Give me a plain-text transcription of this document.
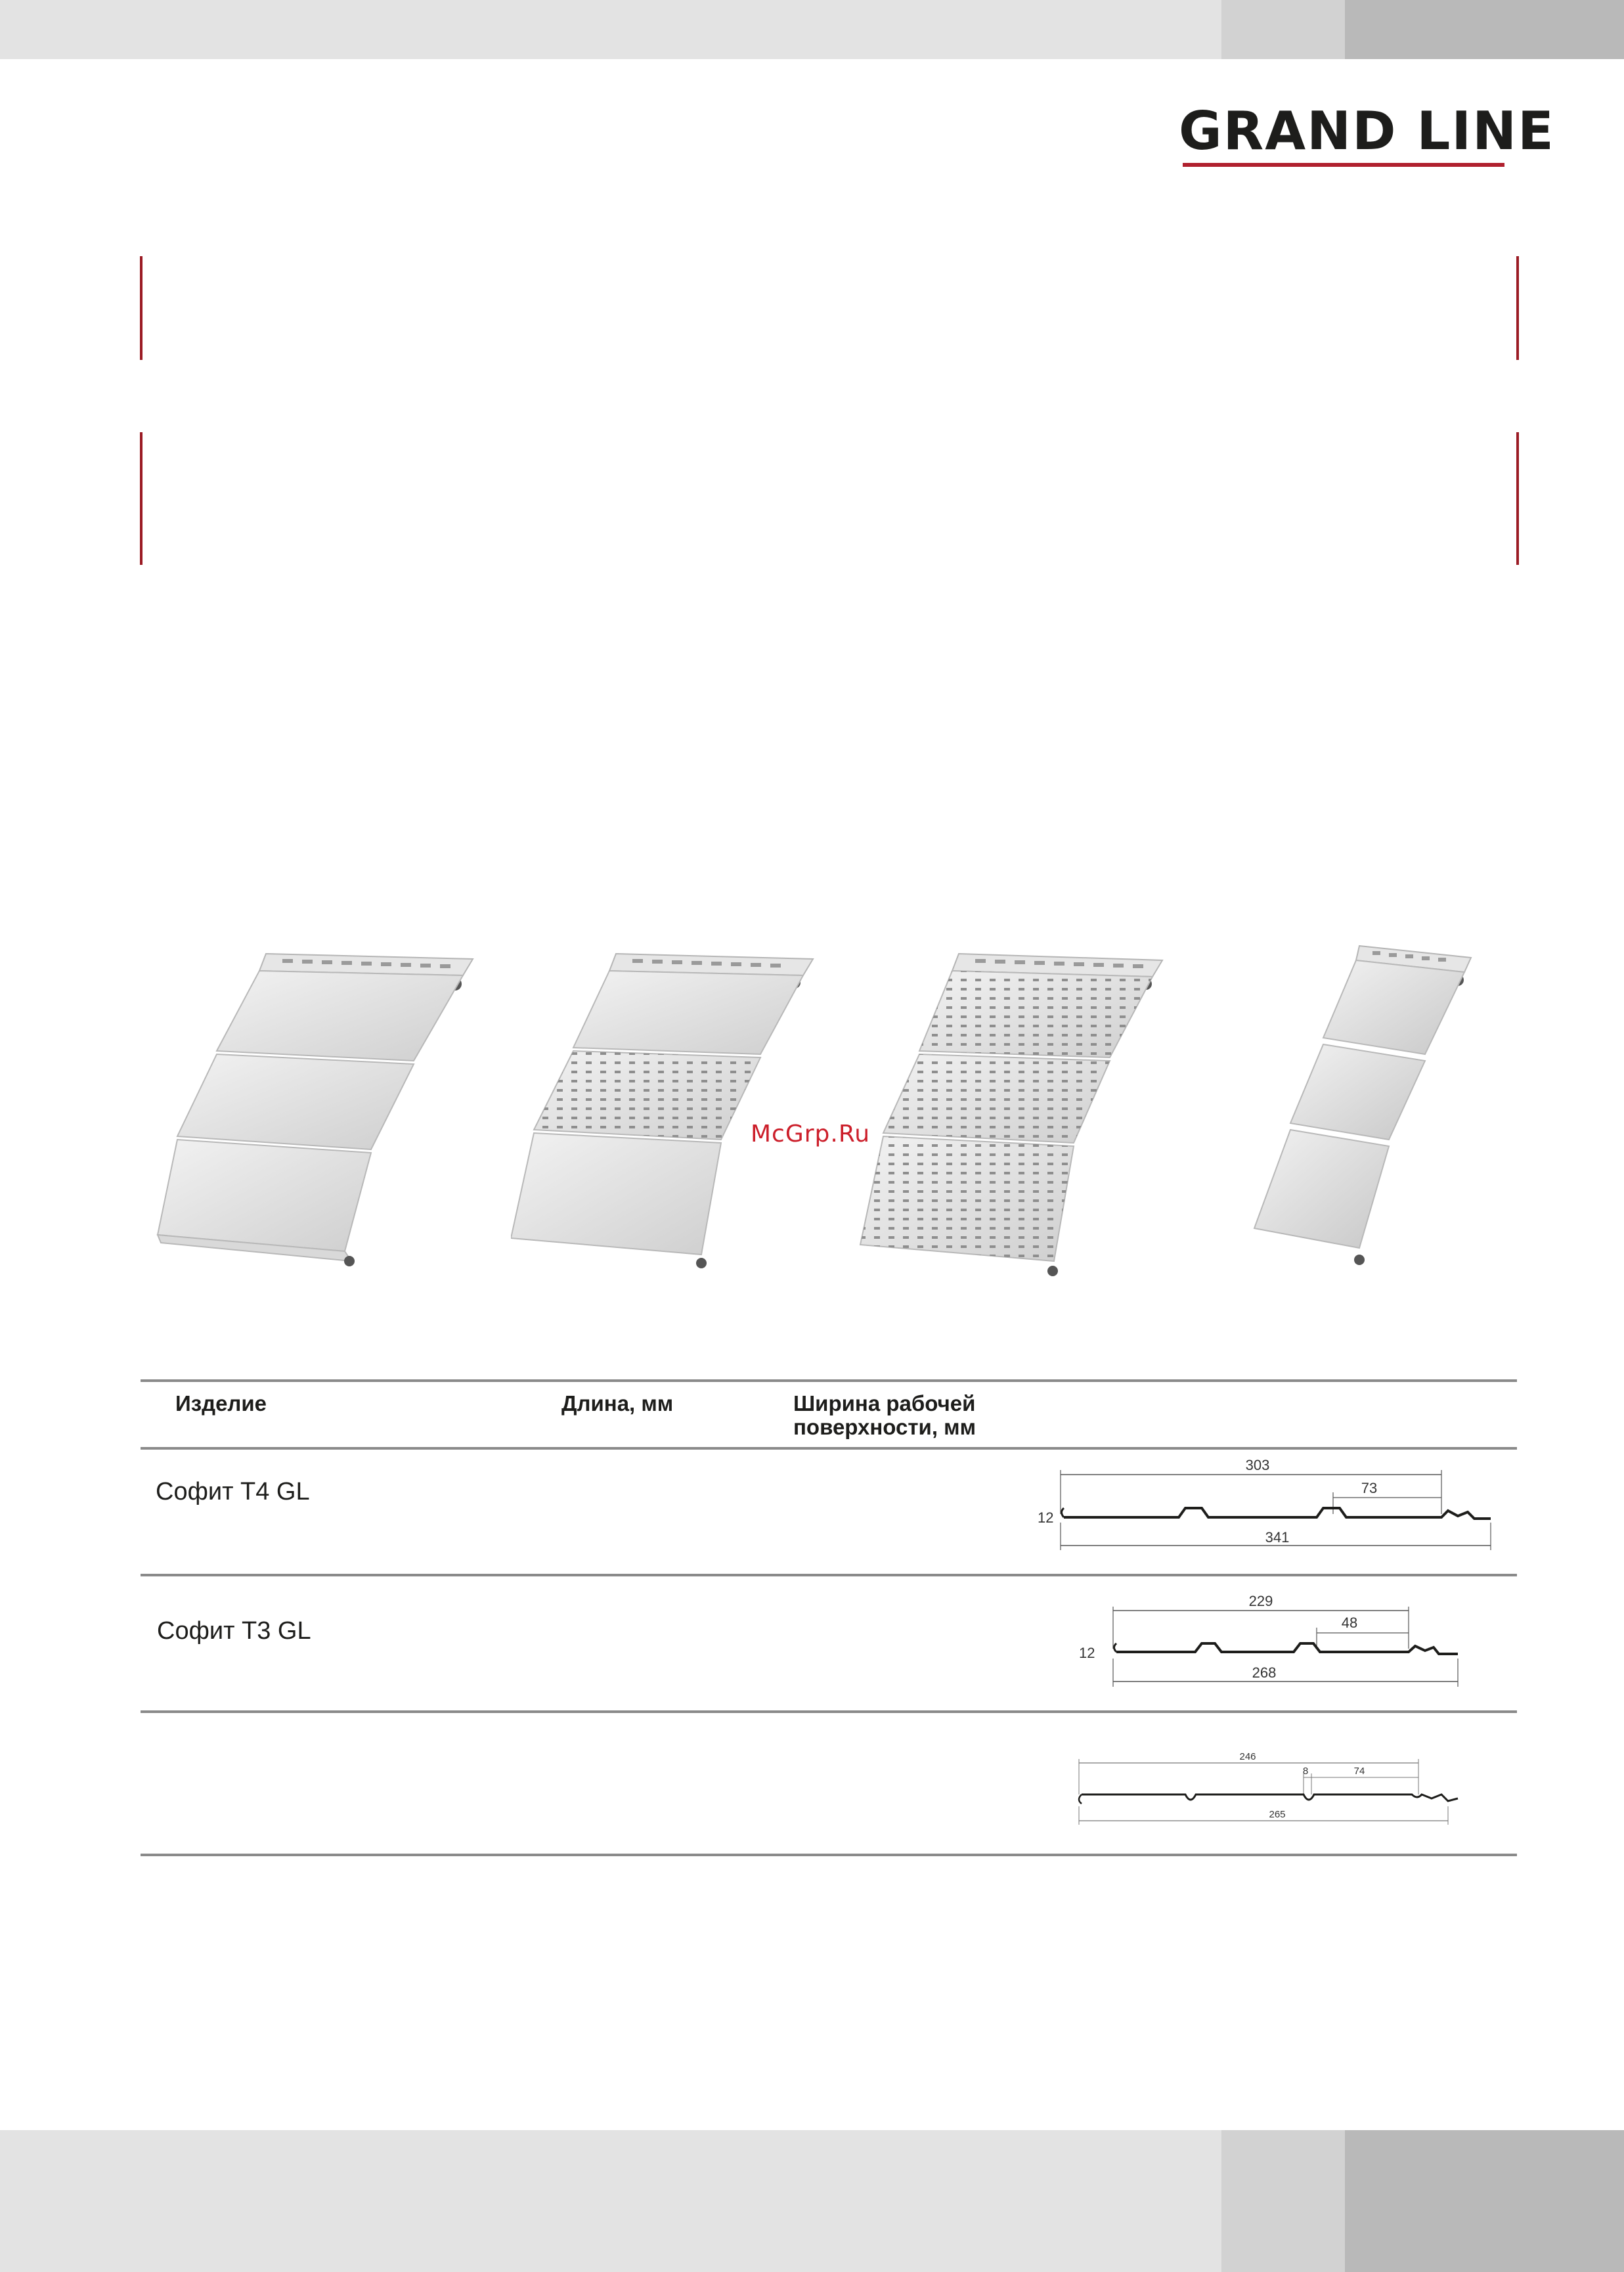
GRAND LINE
McGrp.Ru
Изделие	Длина, мм	Ширина рабочей
поверхности, мм
Софит Т4 GL
303
73
12
341
Софит Т3 GL
229
48
12
268
246
8	74
265
